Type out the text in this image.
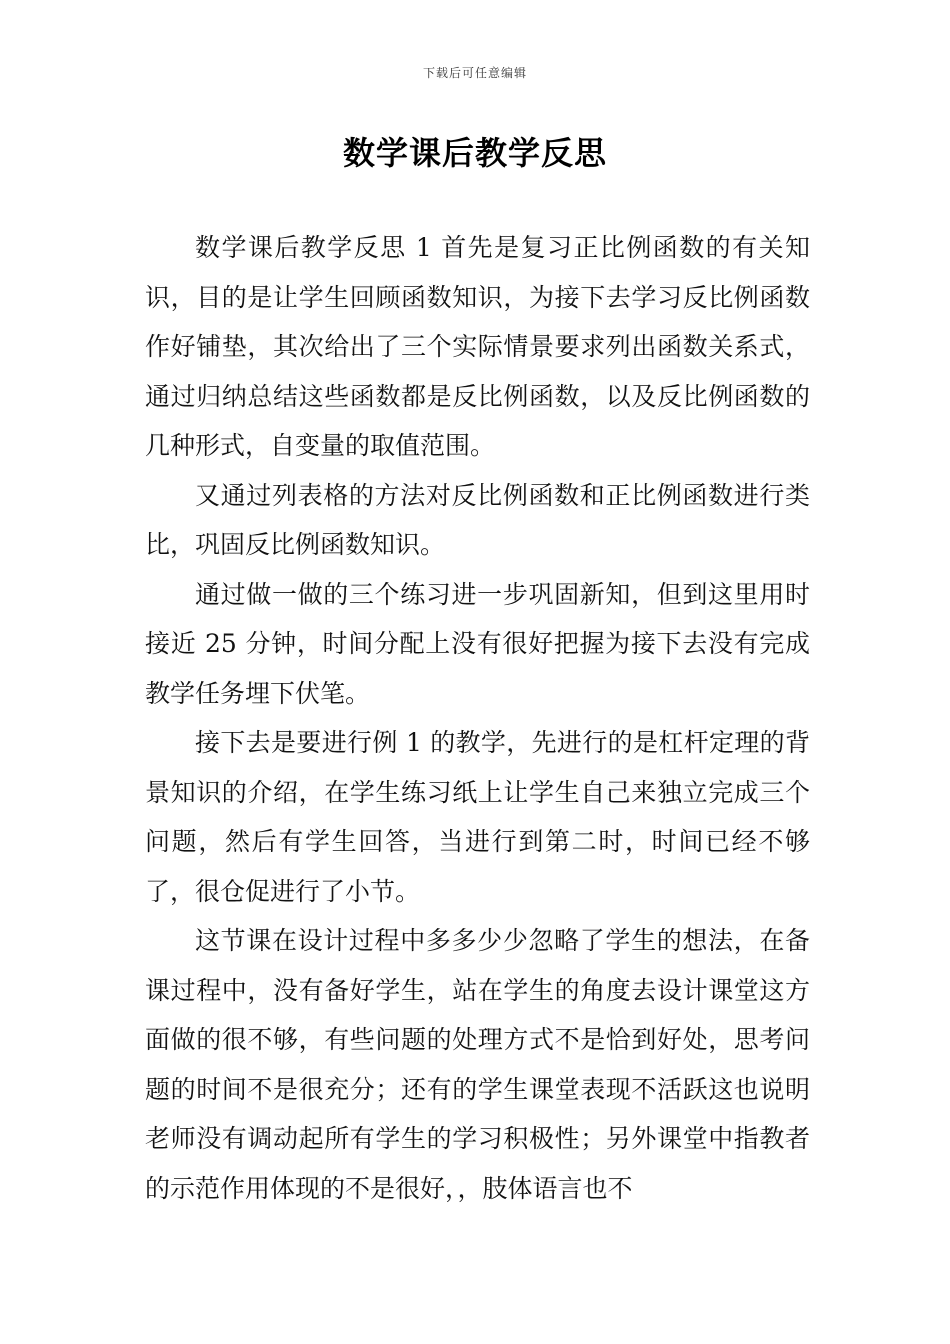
下载后可任意编辑
数学课后教学反思

数学课后教学反思 1 首先是复习正比例函数的有关知识，目的是让学生回顾函数知识，为接下去学习反比例函数作好铺垫，其次给出了三个实际情景要求列出函数关系式，通过归纳总结这些函数都是反比例函数，以及反比例函数的几种形式，自变量的取值范围。

又通过列表格的方法对反比例函数和正比例函数进行类比，巩固反比例函数知识。

通过做一做的三个练习进一步巩固新知，但到这里用时接近 25 分钟，时间分配上没有很好把握为接下去没有完成教学任务埋下伏笔。

接下去是要进行例 1 的教学，先进行的是杠杆定理的背景知识的介绍，在学生练习纸上让学生自己来独立完成三个问题，然后有学生回答，当进行到第二时，时间已经不够了，很仓促进行了小节。

这节课在设计过程中多多少少忽略了学生的想法，在备课过程中，没有备好学生，站在学生的角度去设计课堂这方面做的很不够，有些问题的处理方式不是恰到好处，思考问题的时间不是很充分；还有的学生课堂表现不活跃这也说明老师没有调动起所有学生的学习积极性；另外课堂中指教者的示范作用体现的不是很好，，肢体语言也不
